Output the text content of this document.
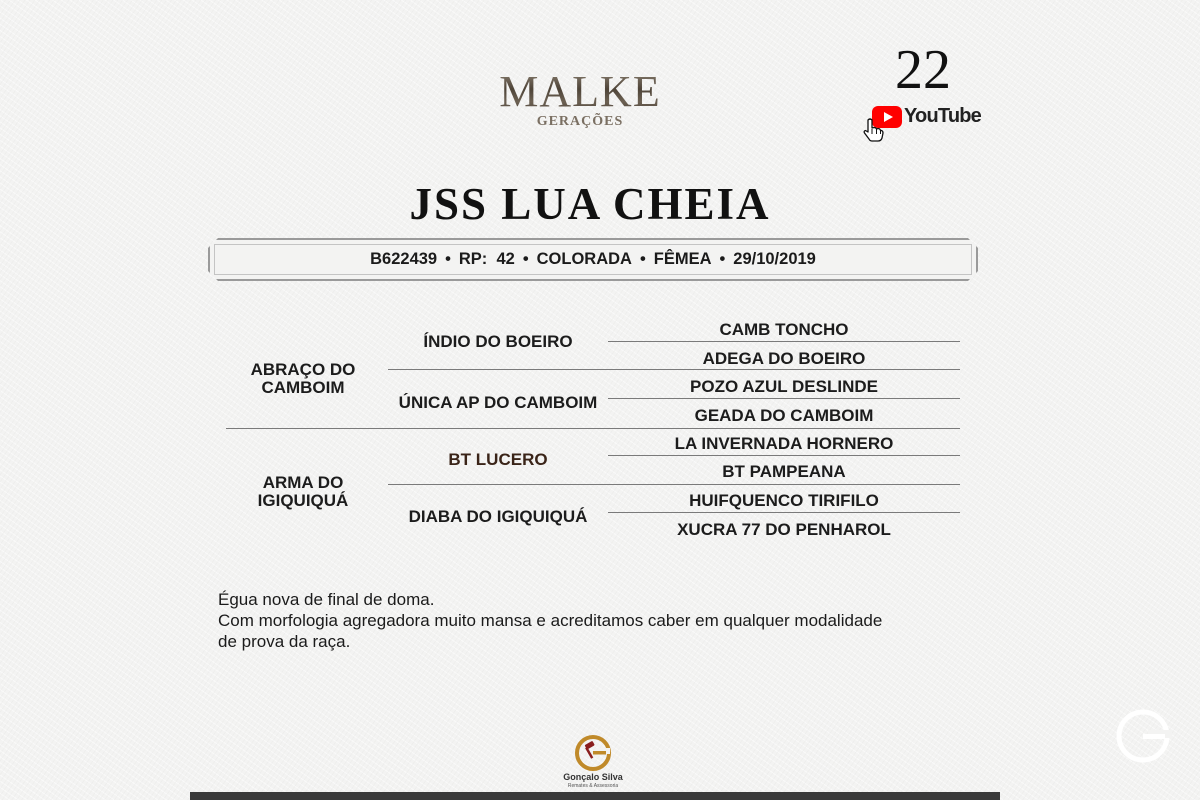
MALKE
GERAÇÕES
22
YouTube
JSS LUA CHEIA
B622439 • RP: 42 • COLORADA • FÊMEA • 29/10/2019
ABRAÇO DO
CAMBOIM
ÍNDIO DO BOEIRO
ÚNICA AP DO CAMBOIM
CAMB TONCHO
ADEGA DO BOEIRO
POZO AZUL DESLINDE
GEADA DO CAMBOIM
ARMA DO
IGIQUIQUÁ
BT LUCERO
DIABA DO IGIQUIQUÁ
LA INVERNADA HORNERO
BT PAMPEANA
HUIFQUENCO TIRIFILO
XUCRA 77 DO PENHAROL
Égua nova de final de doma.
Com morfologia agregadora muito mansa e acreditamos caber em qualquer modalidade
de prova da raça.
Gonçalo Silva
Remates & Assessoria
